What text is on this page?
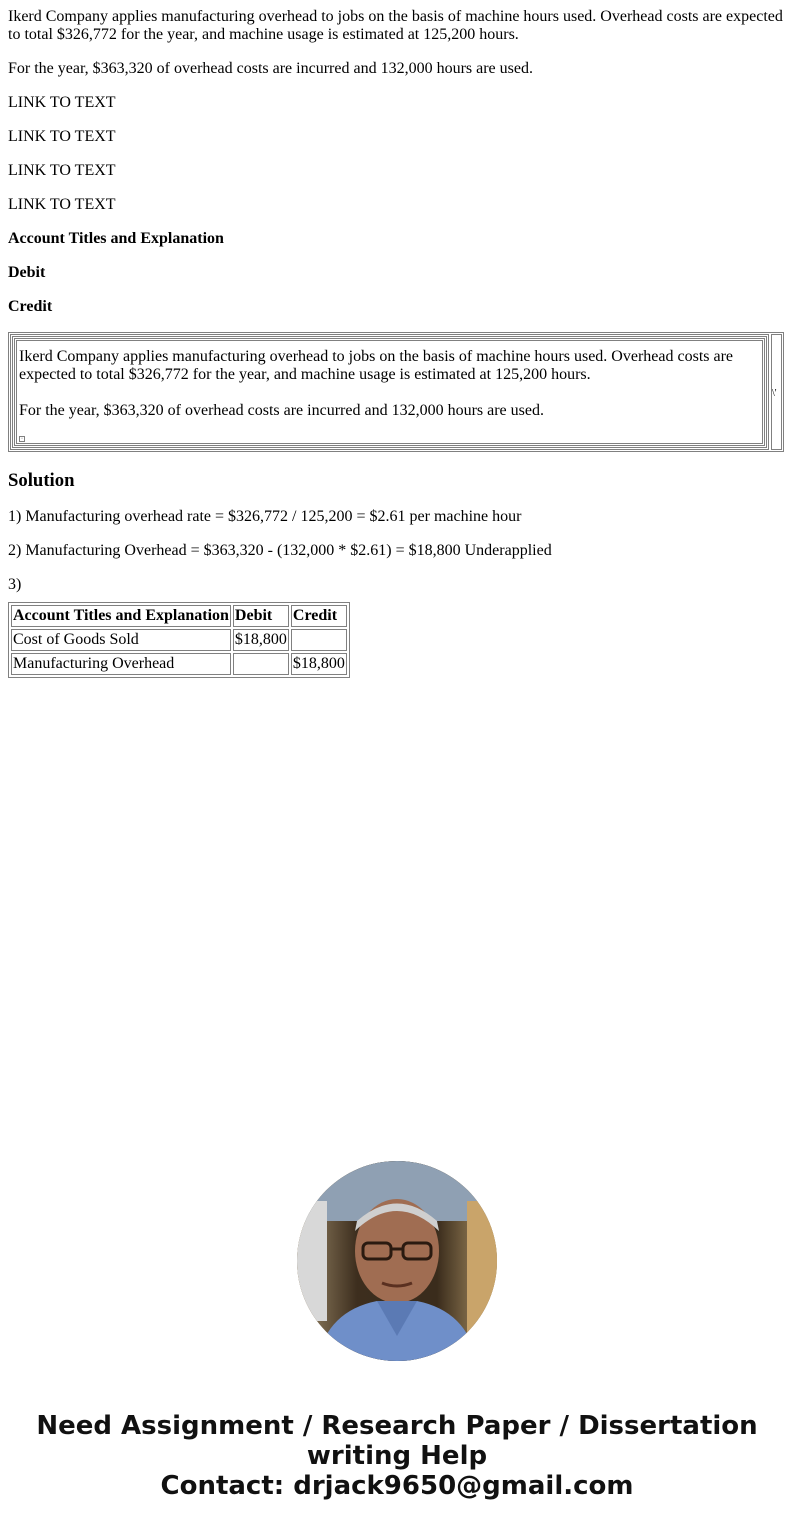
Ikerd Company applies manufacturing overhead to jobs on the basis of machine hours used. Overhead costs are expected to total $326,772 for the year, and machine usage is estimated at 125,200 hours.

For the year, $363,320 of overhead costs are incurred and 132,000 hours are used.

LINK TO TEXT

LINK TO TEXT

LINK TO TEXT

LINK TO TEXT

Account Titles and Explanation

Debit

Credit

Ikerd Company applies manufacturing overhead to jobs on the basis of machine hours used. Overhead costs are expected to total $326,772 for the year, and machine usage is estimated at 125,200 hours.

For the year, $363,320 of overhead costs are incurred and 132,000 hours are used.

·
\'
Solution

1) Manufacturing overhead rate = $326,772 / 125,200 = $2.61 per machine hour

2) Manufacturing Overhead = $363,320 - (132,000 * $2.61) = $18,800 Underapplied

3)

Account Titles and Explanation	Debit	Credit
Cost of Goods Sold	$18,800	
Manufacturing Overhead		$18,800
Need Assignment / Research Paper / Dissertation
writing Help
Contact: drjack9650@gmail.com
